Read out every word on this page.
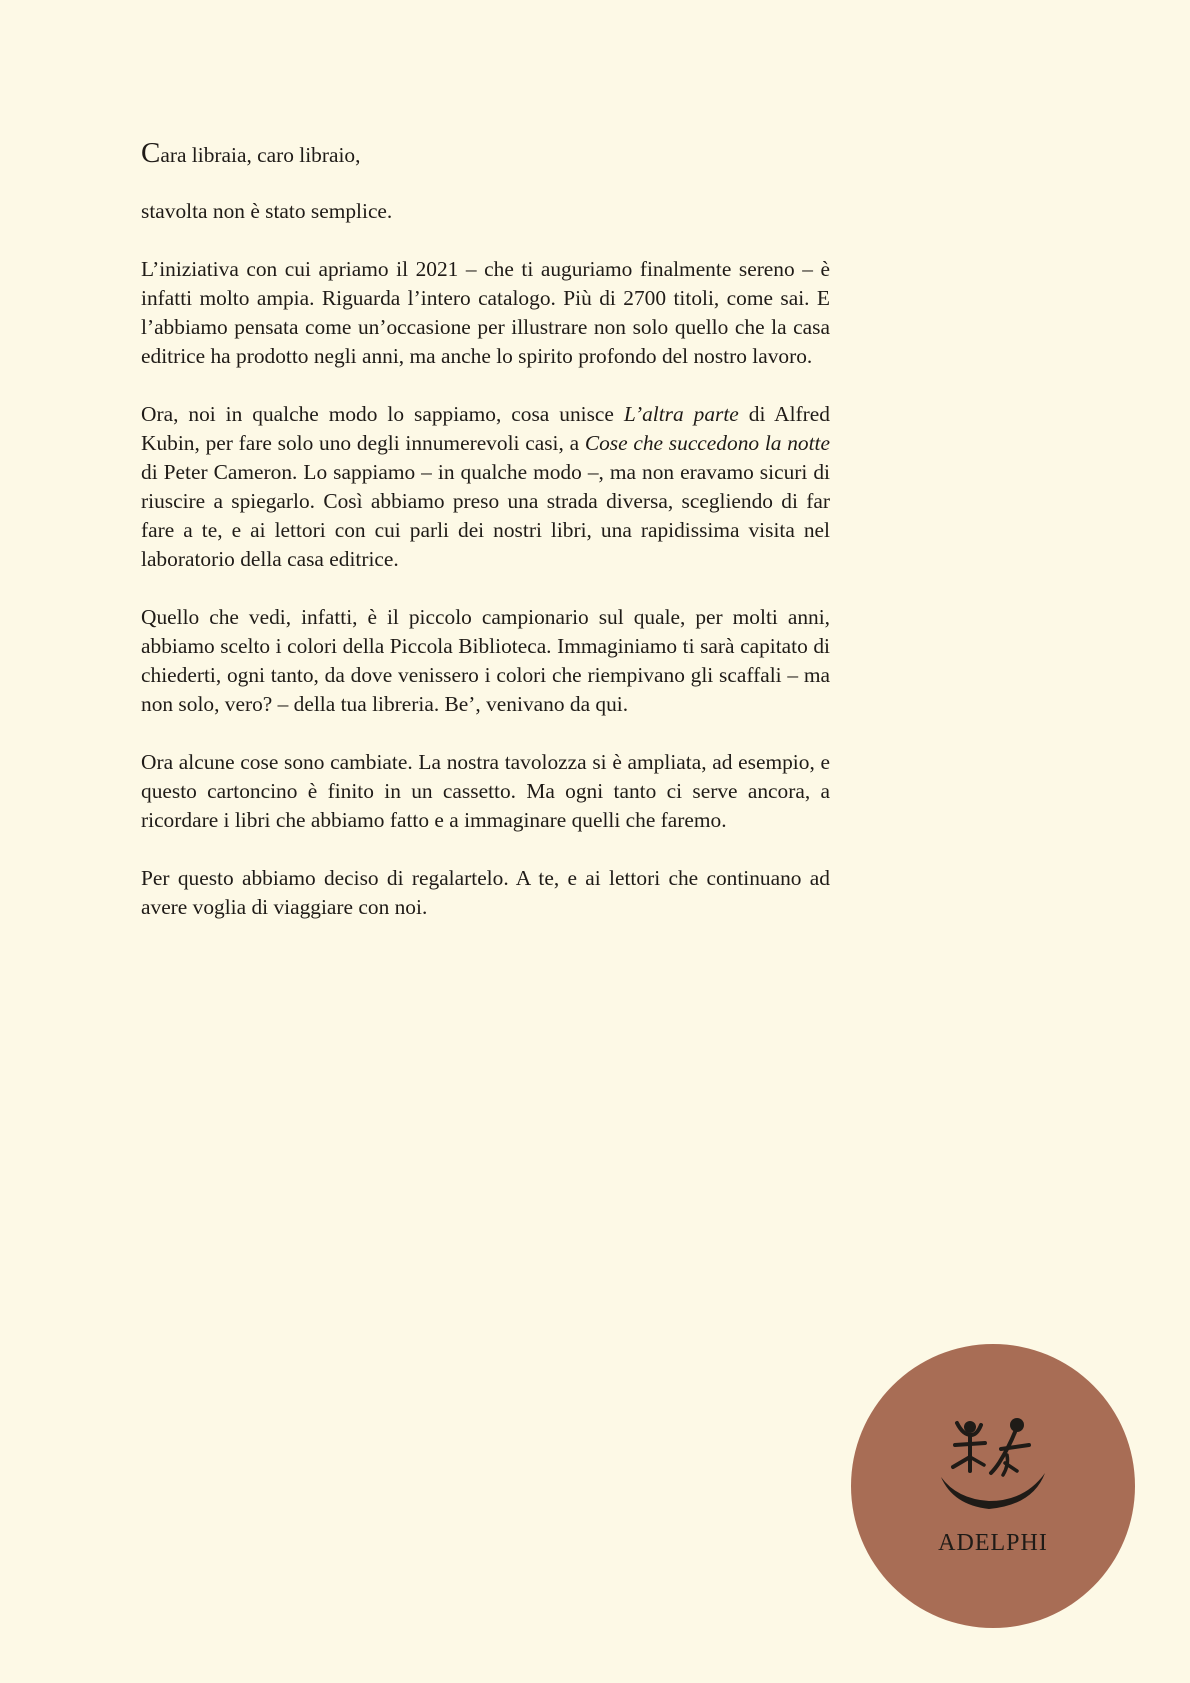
Cara libraia, caro libraio,

stavolta non è stato semplice.

L’iniziativa con cui apriamo il 2021 – che ti auguriamo finalmente sereno – è infatti molto ampia. Riguarda l’intero catalogo. Più di 2700 titoli, come sai. E l’abbiamo pensata come un’occasione per illustrare non solo quello che la casa editrice ha prodotto negli anni, ma anche lo spirito profondo del nostro lavoro.

Ora, noi in qualche modo lo sappiamo, cosa unisce L’altra parte di Alfred Kubin, per fare solo uno degli innumerevoli casi, a Cose che succedono la notte di Peter Cameron. Lo sappiamo – in qualche modo –, ma non eravamo sicuri di riuscire a spiegarlo. Così abbiamo preso una strada diversa, scegliendo di far fare a te, e ai lettori con cui parli dei nostri libri, una rapidissima visita nel laboratorio della casa editrice.

Quello che vedi, infatti, è il piccolo campionario sul quale, per molti anni, abbiamo scelto i colori della Piccola Biblioteca. Immaginiamo ti sarà capitato di chiederti, ogni tanto, da dove venissero i colori che riempivano gli scaffali – ma non solo, vero? – della tua libreria. Be’, venivano da qui.

Ora alcune cose sono cambiate. La nostra tavolozza si è ampliata, ad esempio, e questo cartoncino è finito in un cassetto. Ma ogni tanto ci serve ancora, a ricordare i libri che abbiamo fatto e a immaginare quelli che faremo.

Per questo abbiamo deciso di regalartelo. A te, e ai lettori che continuano ad avere voglia di viaggiare con noi.

ADELPHI
